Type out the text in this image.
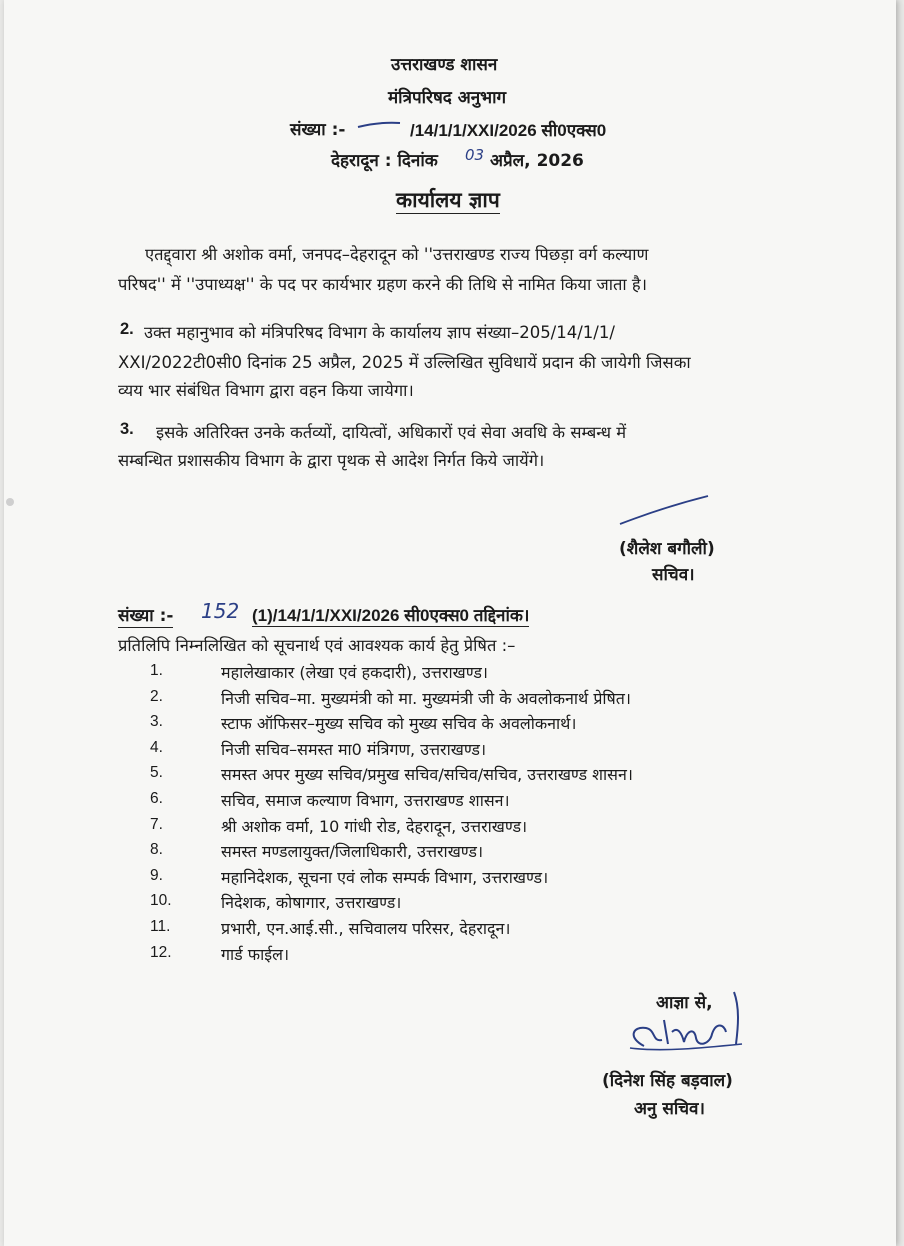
उत्तराखण्ड शासन
मंत्रिपरिषद अनुभाग
संख्या :-	/14/1/1/XXI/2026 सी0एक्स0
देहरादून : दिनांक 03 अप्रैल, 2026
कार्यालय ज्ञाप
एतद्द्वारा श्री अशोक वर्मा, जनपद–देहरादून को ''उत्तराखण्ड राज्य पिछड़ा वर्ग कल्याण
परिषद'' में ''उपाध्यक्ष'' के पद पर कार्यभार ग्रहण करने की तिथि से नामित किया जाता है।
2. उक्त महानुभाव को मंत्रिपरिषद विभाग के कार्यालय ज्ञाप संख्या–205/14/1/1/
XXI/2022टी0सी0 दिनांक 25 अप्रैल, 2025 में उल्लिखित सुविधायें प्रदान की जायेगी जिसका
व्यय भार संबंधित विभाग द्वारा वहन किया जायेगा।
3. इसके अतिरिक्त उनके कर्तव्यों, दायित्वों, अधिकारों एवं सेवा अवधि के सम्बन्ध में
सम्बन्धित प्रशासकीय विभाग के द्वारा पृथक से आदेश निर्गत किये जायेंगे।
(शैलेश बगौली)
सचिव।
संख्या :- 152 (1)/14/1/1/XXI/2026 सी0एक्स0 तद्दिनांक।
प्रतिलिपि निम्नलिखित को सूचनार्थ एवं आवश्यक कार्य हेतु प्रेषित :–
1.	महालेखाकार (लेखा एवं हकदारी), उत्तराखण्ड।
2.	निजी सचिव–मा. मुख्यमंत्री को मा. मुख्यमंत्री जी के अवलोकनार्थ प्रेषित।
3.	स्टाफ ऑफिसर–मुख्य सचिव को मुख्य सचिव के अवलोकनार्थ।
4.	निजी सचिव–समस्त मा0 मंत्रिगण, उत्तराखण्ड।
5.	समस्त अपर मुख्य सचिव/प्रमुख सचिव/सचिव/सचिव, उत्तराखण्ड शासन।
6.	सचिव, समाज कल्याण विभाग, उत्तराखण्ड शासन।
7.	श्री अशोक वर्मा, 10 गांधी रोड, देहरादून, उत्तराखण्ड।
8.	समस्त मण्डलायुक्त/जिलाधिकारी, उत्तराखण्ड।
9.	महानिदेशक, सूचना एवं लोक सम्पर्क विभाग, उत्तराखण्ड।
10.	निदेशक, कोषागार, उत्तराखण्ड।
11.	प्रभारी, एन.आई.सी., सचिवालय परिसर, देहरादून।
12.	गार्ड फाईल।
आज्ञा से,
(दिनेश सिंह बड़वाल)
अनु सचिव।
